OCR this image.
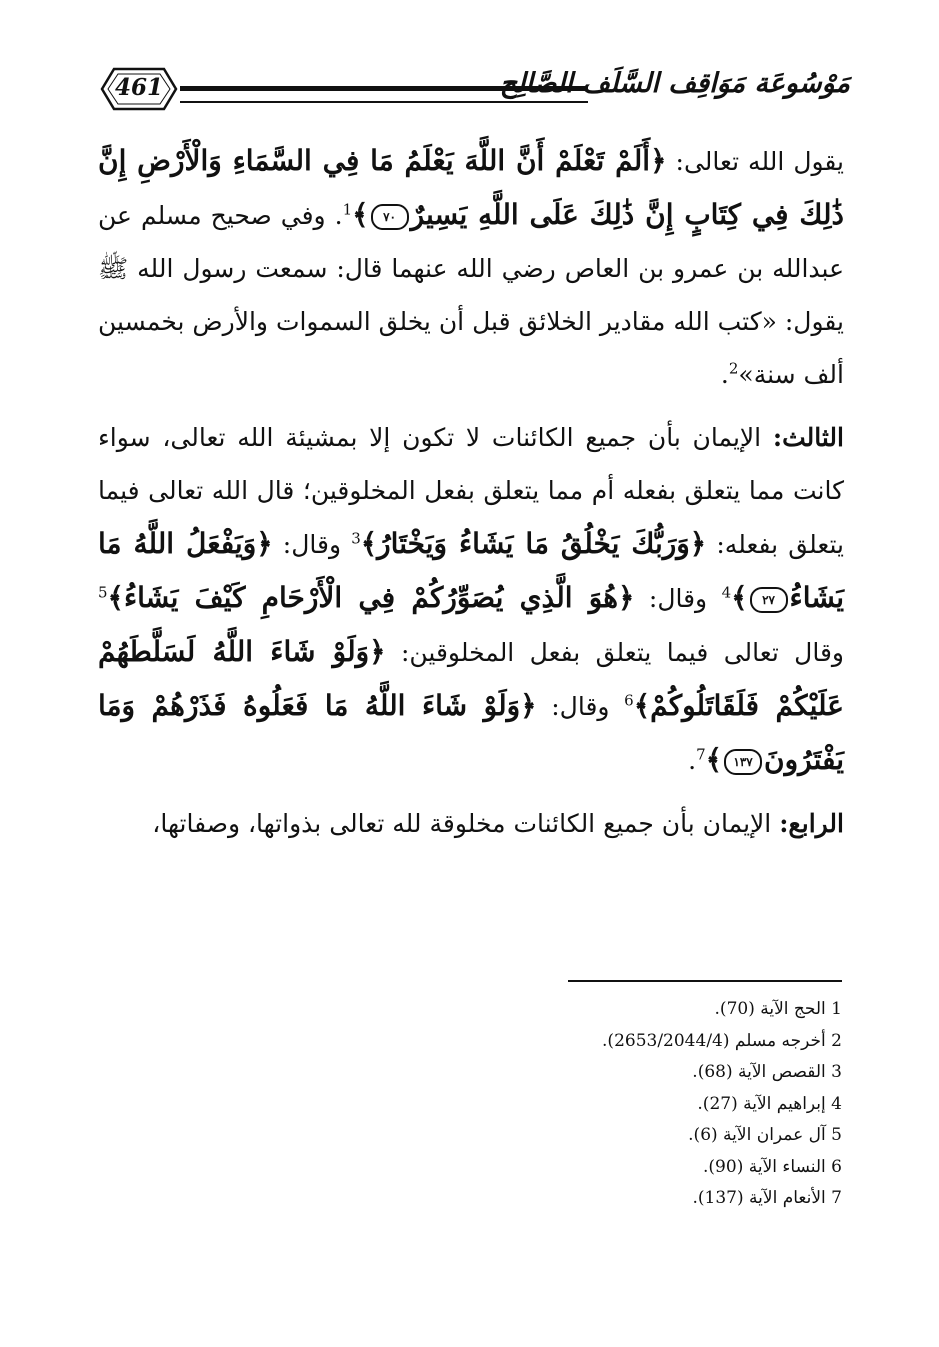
مَوْسُوعَة مَوَاقِف السَّلَف الصَّالِح
461

يقول الله تعالى: ﴿أَلَمْ تَعْلَمْ أَنَّ اللَّهَ يَعْلَمُ مَا فِي السَّمَاءِ وَالْأَرْضِ إِنَّ ذَٰلِكَ فِي كِتَابٍ إِنَّ ذَٰلِكَ عَلَى اللَّهِ يَسِيرٌ٧٠﴾$^1$. وفي صحيح مسلم عن عبدالله بن عمرو بن العاص رضي الله عنهما قال: سمعت رسول الله ﷺ يقول: «كتب الله مقادير الخلائق قبل أن يخلق السموات والأرض بخمسين ألف سنة»$^2$.

الثالث: الإيمان بأن جميع الكائنات لا تكون إلا بمشيئة الله تعالى، سواء كانت مما يتعلق بفعله أم مما يتعلق بفعل المخلوقين؛ قال الله تعالى فيما يتعلق بفعله: ﴿وَرَبُّكَ يَخْلُقُ مَا يَشَاءُ وَيَخْتَارُ﴾$^3$ وقال: ﴿وَيَفْعَلُ اللَّهُ مَا يَشَاءُ٢٧﴾$^4$ وقال: ﴿هُوَ الَّذِي يُصَوِّرُكُمْ فِي الْأَرْحَامِ كَيْفَ يَشَاءُ﴾$^5$ وقال تعالى فيما يتعلق بفعل المخلوقين: ﴿وَلَوْ شَاءَ اللَّهُ لَسَلَّطَهُمْ عَلَيْكُمْ فَلَقَاتَلُوكُمْ﴾$^6$ وقال: ﴿وَلَوْ شَاءَ اللَّهُ مَا فَعَلُوهُ فَذَرْهُمْ وَمَا يَفْتَرُونَ١٣٧﴾$^7$.

الرابع: الإيمان بأن جميع الكائنات مخلوقة لله تعالى بذواتها، وصفاتها،

1 الحج الآية (70).
2 أخرجه مسلم (2653/2044/4).
3 القصص الآية (68).
4 إبراهيم الآية (27).
5 آل عمران الآية (6).
6 النساء الآية (90).
7 الأنعام الآية (137).
